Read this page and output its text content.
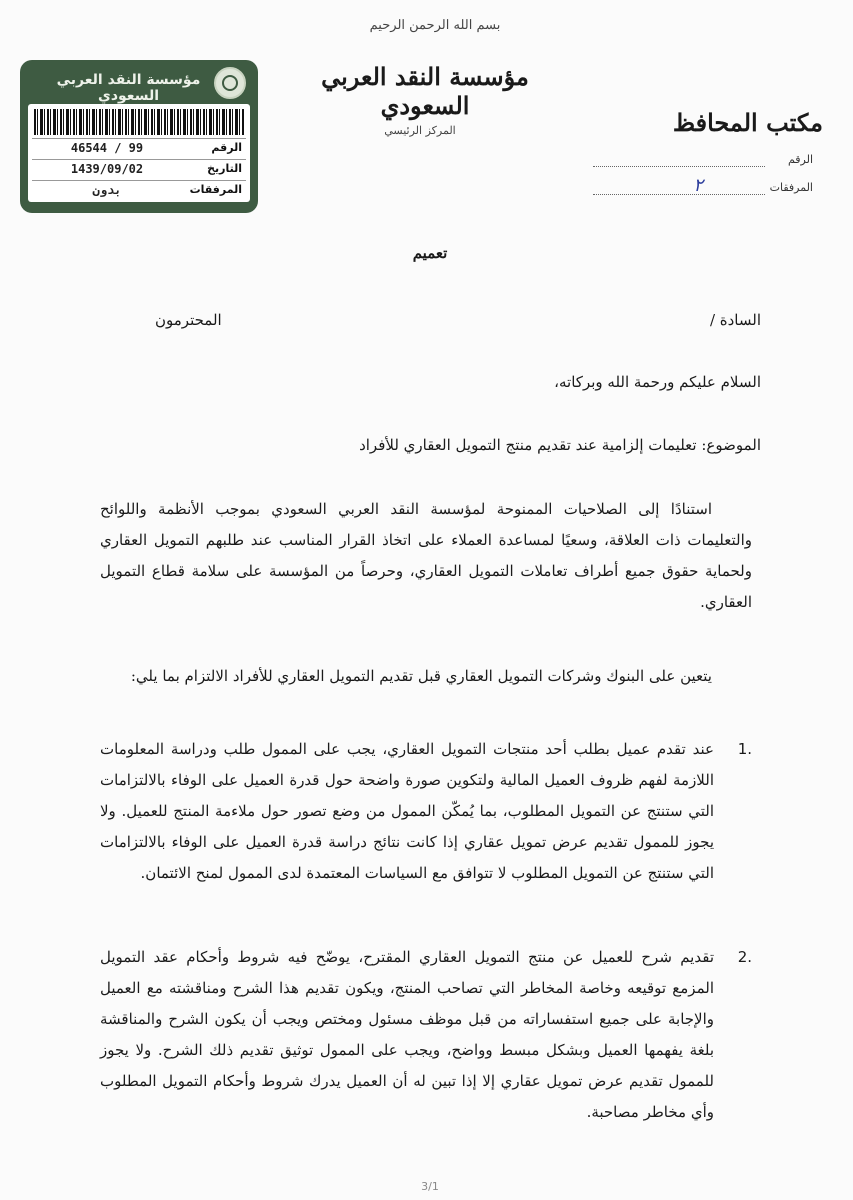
بسم الله الرحمن الرحيم
مؤسسة النقد العربي السعودي
المركز الرئيسي	مكتب المحافظ
الرقم
المرفقات
٢
مؤسسة النقد العربي السعودي
الرقم
46544 / 99
التاريخ
1439/09/02
المرفقات
بدون
تعميم
السادة /
المحترمون
السلام عليكم ورحمة الله وبركاته،
الموضوع: تعليمات إلزامية عند تقديم منتج التمويل العقاري للأفراد
استنادًا إلى الصلاحيات الممنوحة لمؤسسة النقد العربي السعودي بموجب الأنظمة واللوائح والتعليمات ذات العلاقة، وسعيًا لمساعدة العملاء على اتخاذ القرار المناسب عند طلبهم التمويل العقاري ولحماية حقوق جميع أطراف تعاملات التمويل العقاري، وحرصاً من المؤسسة على سلامة قطاع التمويل العقاري.
يتعين على البنوك وشركات التمويل العقاري قبل تقديم التمويل العقاري للأفراد الالتزام بما يلي:
1.
عند تقدم عميل بطلب أحد منتجات التمويل العقاري، يجب على الممول طلب ودراسة المعلومات اللازمة لفهم ظروف العميل المالية ولتكوين صورة واضحة حول قدرة العميل على الوفاء بالالتزامات التي ستنتج عن التمويل المطلوب، بما يُمكّن الممول من وضع تصور حول ملاءمة المنتج للعميل. ولا يجوز للممول تقديم عرض تمويل عقاري إذا كانت نتائج دراسة قدرة العميل على الوفاء بالالتزامات التي ستنتج عن التمويل المطلوب لا تتوافق مع السياسات المعتمدة لدى الممول لمنح الائتمان.
2.
تقديم شرح للعميل عن منتج التمويل العقاري المقترح، يوضّح فيه شروط وأحكام عقد التمويل المزمع توقيعه وخاصة المخاطر التي تصاحب المنتج، ويكون تقديم هذا الشرح ومناقشته مع العميل والإجابة على جميع استفساراته من قبل موظف مسئول ومختص ويجب أن يكون الشرح والمناقشة بلغة يفهمها العميل وبشكل مبسط وواضح، ويجب على الممول توثيق تقديم ذلك الشرح. ولا يجوز للممول تقديم عرض تمويل عقاري إلا إذا تبين له أن العميل يدرك شروط وأحكام التمويل المطلوب وأي مخاطر مصاحبة.
3/1
